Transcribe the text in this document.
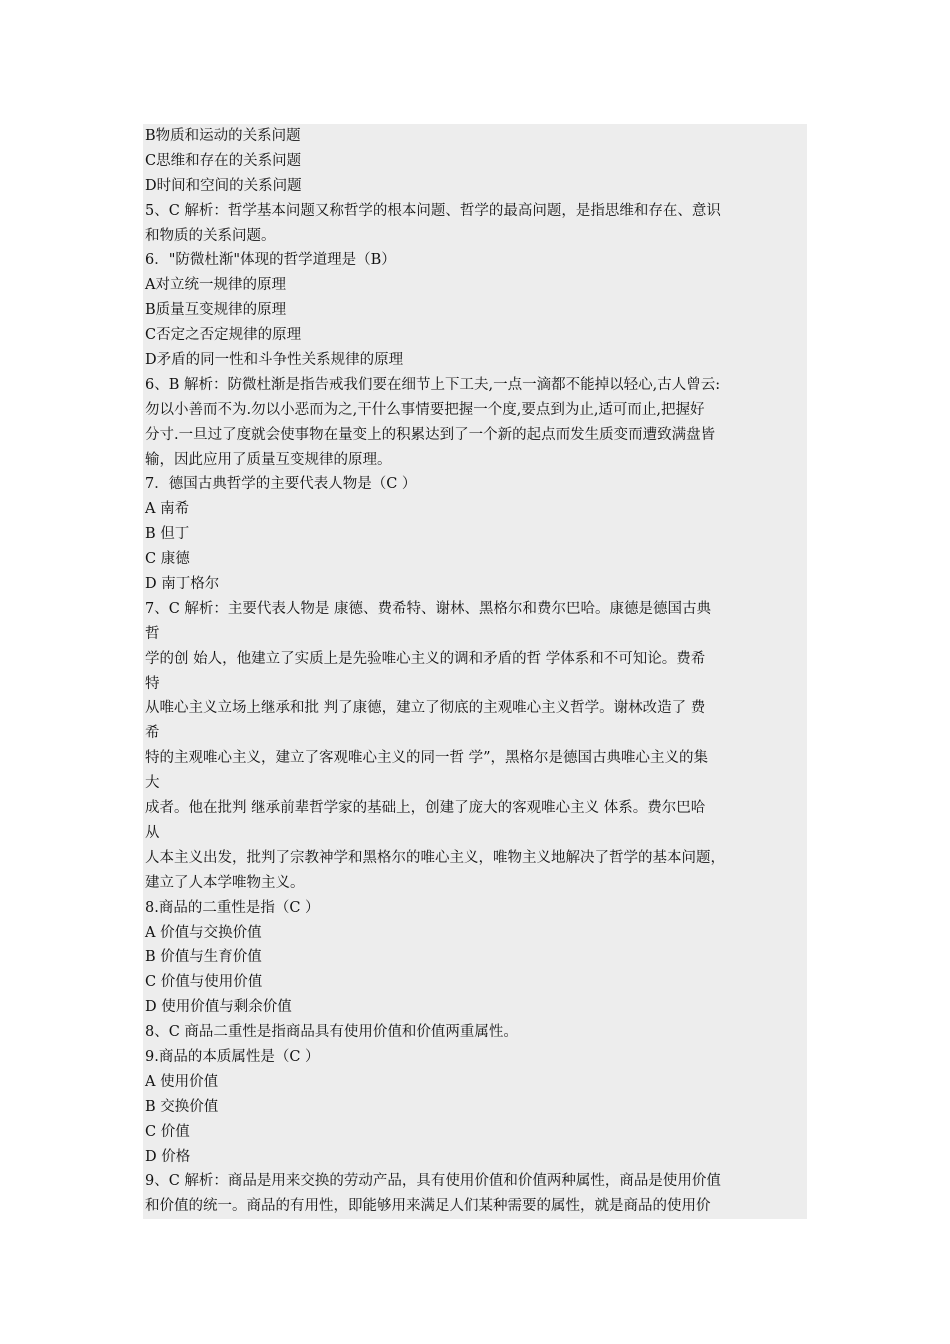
B物质和运动的关系问题
C思维和存在的关系问题
D时间和空间的关系问题
5、C 解析：哲学基本问题又称哲学的根本问题、哲学的最高问题，是指思维和存在、意识
和物质的关系问题。
6．"防微杜渐"体现的哲学道理是（B）
A对立统一规律的原理
B质量互变规律的原理
C否定之否定规律的原理
D矛盾的同一性和斗争性关系规律的原理
6、B 解析：防微杜渐是指告戒我们要在细节上下工夫,一点一滴都不能掉以轻心,古人曾云:
勿以小善而不为.勿以小恶而为之,干什么事情要把握一个度,要点到为止,适可而止,把握好
分寸.一旦过了度就会使事物在量变上的积累达到了一个新的起点而发生质变而遭致满盘皆
输，因此应用了质量互变规律的原理。
7．德国古典哲学的主要代表人物是（C ）
A 南希
B 但丁
C 康德
D 南丁格尔
7、C 解析：主要代表人物是 康德、费希特、谢林、黑格尔和费尔巴哈。康德是德国古典
哲
学的创 始人，他建立了实质上是先验唯心主义的调和矛盾的哲 学体系和不可知论。费希
特
从唯心主义立场上继承和批 判了康德，建立了彻底的主观唯心主义哲学。谢林改造了 费
希
特的主观唯心主义，建立了客观唯心主义的同一哲 学”，黑格尔是德国古典唯心主义的集
大
成者。他在批判 继承前辈哲学家的基础上，创建了庞大的客观唯心主义 体系。费尔巴哈
从
人本主义出发，批判了宗教神学和黑格尔的唯心主义，唯物主义地解决了哲学的基本问题，
建立了人本学唯物主义。
8.商品的二重性是指（C ）
A 价值与交换价值
B 价值与生育价值
C 价值与使用价值
D 使用价值与剩余价值
8、C 商品二重性是指商品具有使用价值和价值两重属性。
9.商品的本质属性是（C ）
A 使用价值
B 交换价值
C 价值
D 价格
9、C 解析：商品是用来交换的劳动产品，具有使用价值和价值两种属性，商品是使用价值
和价值的统一。商品的有用性，即能够用来满足人们某种需要的属性，就是商品的使用价
